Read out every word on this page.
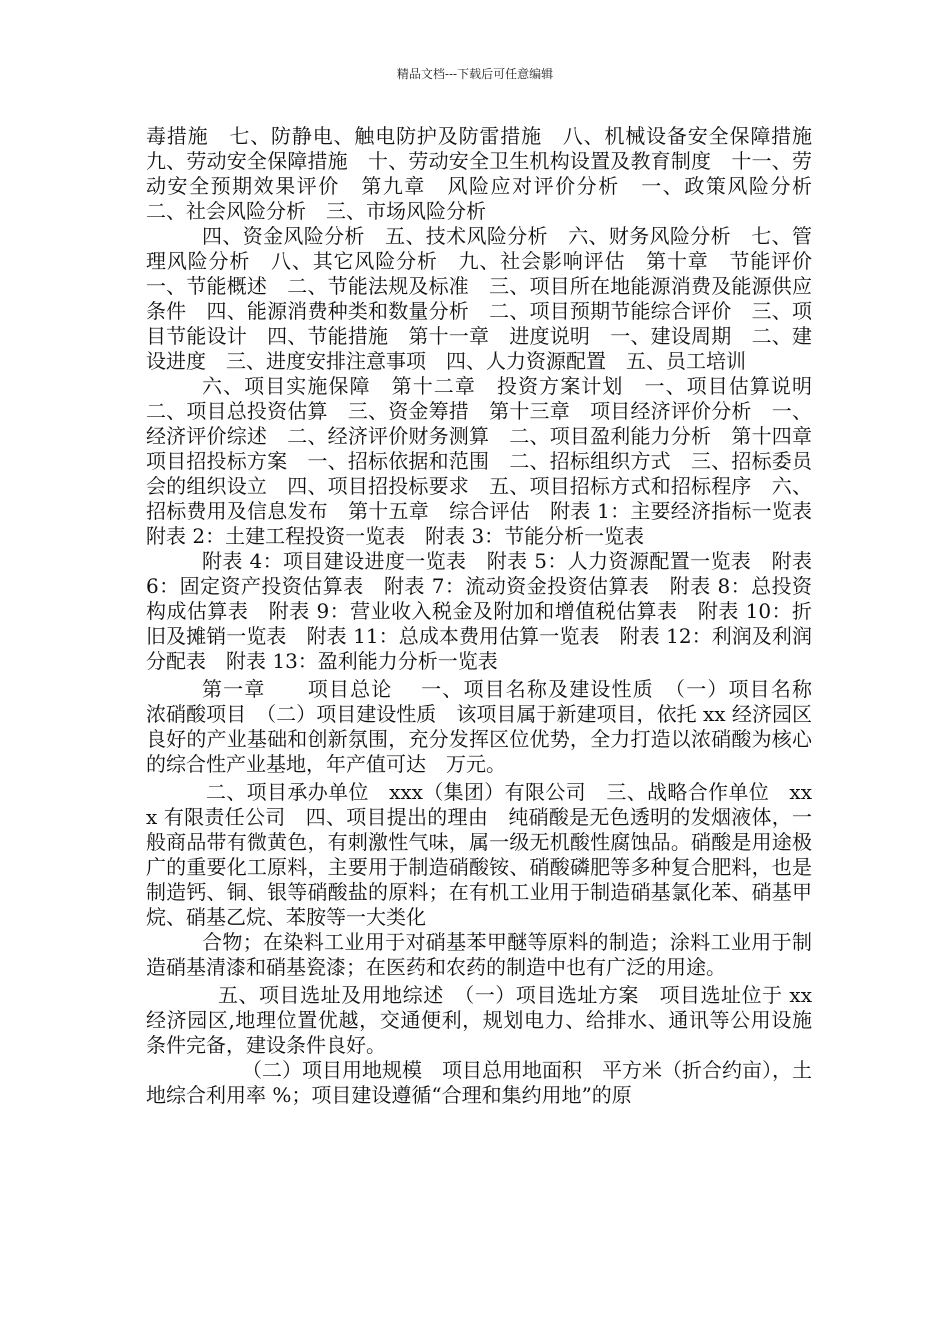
精品文档---下载后可任意编辑

毒措施　七、防静电、触电防护及防雷措施　八、机械设备安全保障措施　九、劳动安全保障措施　十、劳动安全卫生机构设置及教育制度　十一、劳动安全预期效果评价　第九章　风险应对评价分析　一、政策风险分析　二、社会风险分析　三、市场风险分析

四、资金风险分析　五、技术风险分析　六、财务风险分析　七、管理风险分析　八、其它风险分析　九、社会影响评估　第十章　节能评价　一、节能概述　二、节能法规及标准　三、项目所在地能源消费及能源供应条件　四、能源消费种类和数量分析　二、项目预期节能综合评价　三、项目节能设计　四、节能措施　第十一章　进度说明　一、建设周期　二、建设进度　三、进度安排注意事项　四、人力资源配置　五、员工培训

六、项目实施保障　第十二章　投资方案计划　一、项目估算说明　二、项目总投资估算　三、资金筹措　第十三章　项目经济评价分析　一、经济评价综述　二、经济评价财务测算　二、项目盈利能力分析　第十四章　项目招投标方案　一、招标依据和范围　二、招标组织方式　三、招标委员会的组织设立　四、项目招投标要求　五、项目招标方式和招标程序　六、招标费用及信息发布　第十五章　综合评估　附表 1：主要经济指标一览表　附表 2：土建工程投资一览表　附表 3：节能分析一览表

附表 4：项目建设进度一览表　附表 5：人力资源配置一览表　附表 6：固定资产投资估算表　附表 7：流动资金投资估算表　附表 8：总投资构成估算表　附表 9：营业收入税金及附加和增值税估算表　附表 10：折旧及摊销一览表　附表 11：总成本费用估算一览表　附表 12：利润及利润分配表　附表 13：盈利能力分析一览表

第一章　　项目总论　 一、项目名称及建设性质　（一）项目名称　浓硝酸项目　（二）项目建设性质　该项目属于新建项目，依托 xx 经济园区良好的产业基础和创新氛围，充分发挥区位优势，全力打造以浓硝酸为核心的综合性产业基地，年产值可达　万元。

二、项目承办单位　xxx（集团）有限公司　三、战略合作单位　xxx 有限责任公司　四、项目提出的理由　纯硝酸是无色透明的发烟液体，一般商品带有微黄色，有刺激性气味，属一级无机酸性腐蚀品。硝酸是用途极广的重要化工原料，主要用于制造硝酸铵、硝酸磷肥等多种复合肥料，也是制造钙、铜、银等硝酸盐的原料；在有机工业用于制造硝基氯化苯、硝基甲烷、硝基乙烷、苯胺等一大类化

合物；在染料工业用于对硝基苯甲醚等原料的制造；涂料工业用于制造硝基清漆和硝基瓷漆；在医药和农药的制造中也有广泛的用途。

五、项目选址及用地综述　（一）项目选址方案　项目选址位于 xx 经济园区,地理位置优越，交通便利，规划电力、给排水、通讯等公用设施条件完备，建设条件良好。

（二）项目用地规模　项目总用地面积　平方米（折合约亩），土地综合利用率 %；项目建设遵循“合理和集约用地”的原
